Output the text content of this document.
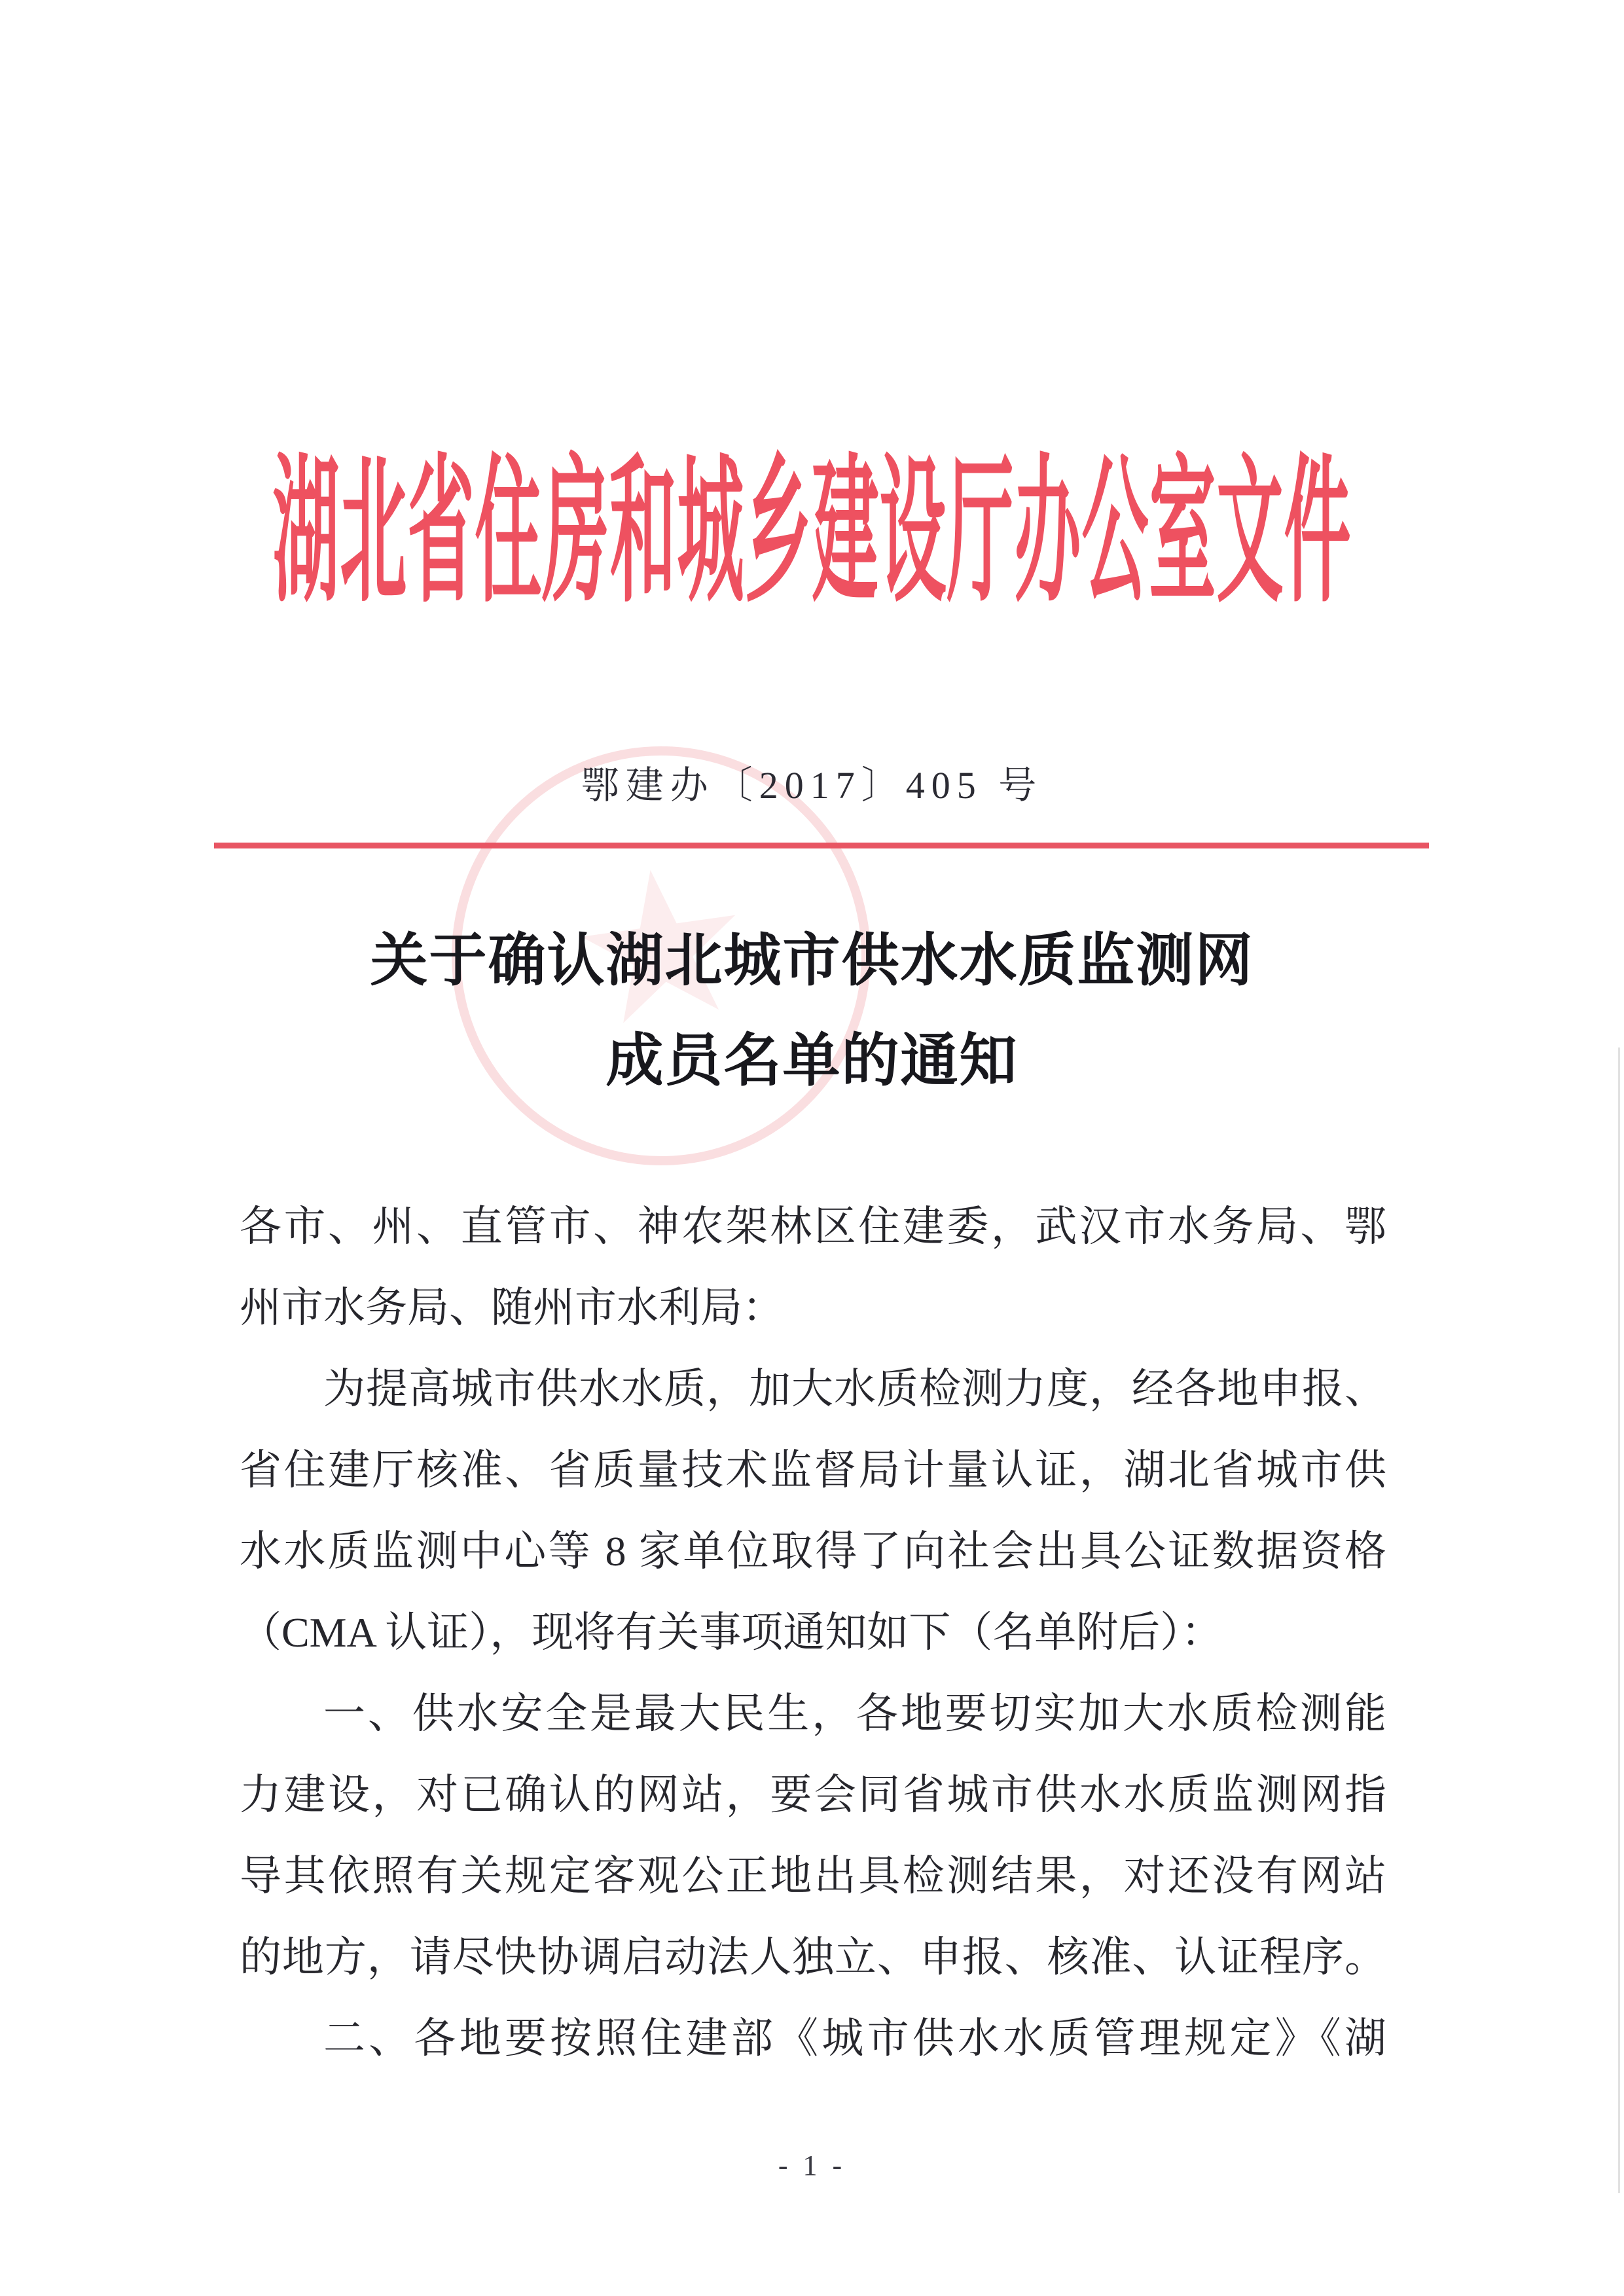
湖北省住房和城乡建设厅办公室文件
★
鄂建办〔2017〕405 号
关于确认湖北城市供水水质监测网
成员名单的通知
各市、州、直管市、神农架林区住建委，武汉市水务局、鄂
州市水务局、随州市水利局：
为提高城市供水水质，加大水质检测力度，经各地申报、
省住建厅核准、省质量技术监督局计量认证，湖北省城市供
水水质监测中心等 8 家单位取得了向社会出具公证数据资格
（CMA 认证），现将有关事项通知如下（名单附后）：
一、供水安全是最大民生，各地要切实加大水质检测能
力建设，对已确认的网站，要会同省城市供水水质监测网指
导其依照有关规定客观公正地出具检测结果，对还没有网站
的地方，请尽快协调启动法人独立、申报、核准、认证程序。
二、各地要按照住建部《城市供水水质管理规定》《湖
- 1 -
